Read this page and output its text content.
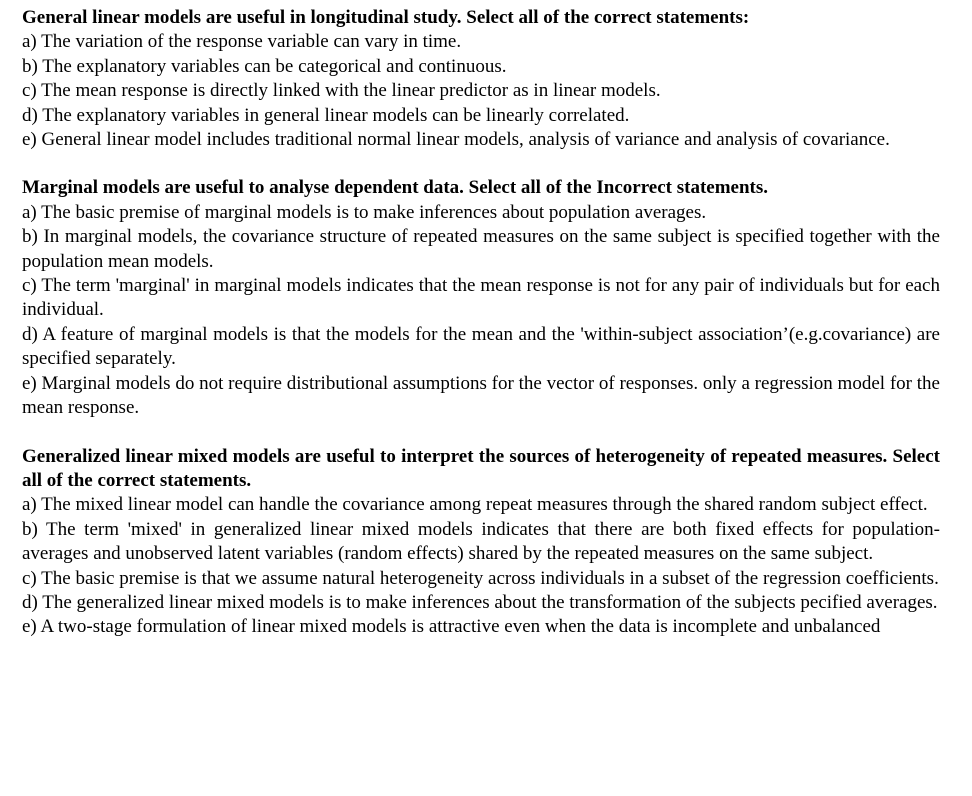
General linear models are useful in longitudinal study. Select all of the correct statements:

a) The variation of the response variable can vary in time.
b) The explanatory variables can be categorical and continuous.
c) The mean response is directly linked with the linear predictor as in linear models.
d) The explanatory variables in general linear models can be linearly correlated.
e) General linear model includes traditional normal linear models, analysis of variance and analysis of covariance.

Marginal models are useful to analyse dependent data. Select all of the Incorrect statements.

a) The basic premise of marginal models is to make inferences about population averages.
b) In marginal models, the covariance structure of repeated measures on the same subject is specified together with the population mean models.
c) The term 'marginal' in marginal models indicates that the mean response is not for any pair of individuals but for each individual.
d) A feature of marginal models is that the models for the mean and the 'within-subject association’(e.g.covariance) are specified separately.
e) Marginal models do not require distributional assumptions for the vector of responses. only a regression model for the mean response.

Generalized linear mixed models are useful to interpret the sources of heterogeneity of repeated measures. Select all of the correct statements.

a) The mixed linear model can handle the covariance among repeat measures through the shared random subject effect.
b) The term 'mixed' in generalized linear mixed models indicates that there are both fixed effects for population-averages and unobserved latent variables (random effects) shared by the repeated measures on the same subject.
c) The basic premise is that we assume natural heterogeneity across individuals in a subset of the regression coefficients.
d) The generalized linear mixed models is to make inferences about the transformation of the subjects pecified averages.
e) A two-stage formulation of linear mixed models is attractive even when the data is incomplete and unbalanced
